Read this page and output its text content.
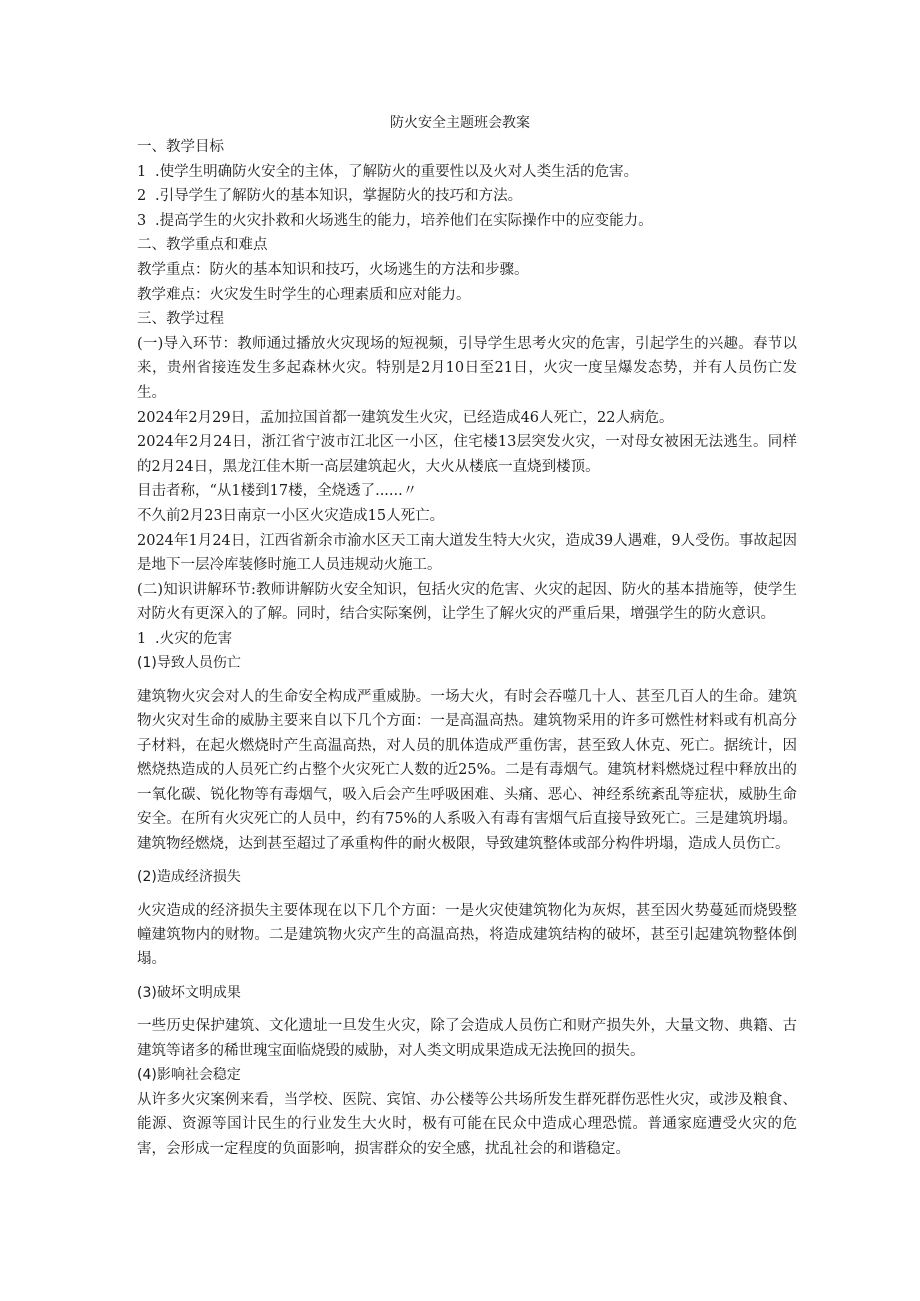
防火安全主题班会教案

一、教学目标

1 .使学生明确防火安全的主体，了解防火的重要性以及火对人类生活的危害。

2 .引导学生了解防火的基本知识，掌握防火的技巧和方法。

3 .提高学生的火灾扑救和火场逃生的能力，培养他们在实际操作中的应变能力。

二、教学重点和难点

教学重点：防火的基本知识和技巧，火场逃生的方法和步骤。

教学难点：火灾发生时学生的心理素质和应对能力。

三、教学过程

(一)导入环节：教师通过播放火灾现场的短视频，引导学生思考火灾的危害，引起学生的兴趣。春节以来，贵州省接连发生多起森林火灾。特别是2月10日至21日，火灾一度呈爆发态势，并有人员伤亡发生。

2024年2月29日，孟加拉国首都一建筑发生火灾，已经造成46人死亡，22人病危。

2024年2月24日，浙江省宁波市江北区一小区，住宅楼13层突发火灾，一对母女被困无法逃生。同样的2月24日，黑龙江佳木斯一高层建筑起火，大火从楼底一直烧到楼顶。

目击者称，“从1楼到17楼，全烧透了......〃

不久前2月23日南京一小区火灾造成15人死亡。

2024年1月24日，江西省新余市渝水区天工南大道发生特大火灾，造成39人遇难，9人受伤。事故起因是地下一层冷库装修时施工人员违规动火施工。

(二)知识讲解环节:教师讲解防火安全知识，包括火灾的危害、火灾的起因、防火的基本措施等，使学生对防火有更深入的了解。同时，结合实际案例，让学生了解火灾的严重后果，增强学生的防火意识。

1 .火灾的危害

(1)导致人员伤亡

建筑物火灾会对人的生命安全构成严重威胁。一场大火，有时会吞噬几十人、甚至几百人的生命。建筑物火灾对生命的威胁主要来自以下几个方面：一是高温高热。建筑物采用的许多可燃性材料或有机高分子材料，在起火燃烧时产生高温高热，对人员的肌体造成严重伤害，甚至致人休克、死亡。据统计，因燃烧热造成的人员死亡约占整个火灾死亡人数的近25%。二是有毒烟气。建筑材料燃烧过程中释放出的一氧化碳、锐化物等有毒烟气，吸入后会产生呼吸困难、头痛、恶心、神经系统紊乱等症状，威胁生命安全。在所有火灾死亡的人员中，约有75%的人系吸入有毒有害烟气后直接导致死亡。三是建筑坍塌。建筑物经燃烧，达到甚至超过了承重构件的耐火极限，导致建筑整体或部分构件坍塌，造成人员伤亡。

(2)造成经济损失

火灾造成的经济损失主要体现在以下几个方面：一是火灾使建筑物化为灰烬，甚至因火势蔓延而烧毁整幢建筑物内的财物。二是建筑物火灾产生的高温高热，将造成建筑结构的破坏，甚至引起建筑物整体倒塌。

(3)破坏文明成果

一些历史保护建筑、文化遗址一旦发生火灾，除了会造成人员伤亡和财产损失外，大量文物、典籍、古建筑等诸多的稀世瑰宝面临烧毁的威胁，对人类文明成果造成无法挽回的损失。

(4)影响社会稳定

从许多火灾案例来看，当学校、医院、宾馆、办公楼等公共场所发生群死群伤恶性火灾，或涉及粮食、能源、资源等国计民生的行业发生大火时，极有可能在民众中造成心理恐慌。普通家庭遭受火灾的危害，会形成一定程度的负面影响，损害群众的安全感，扰乱社会的和谐稳定。
